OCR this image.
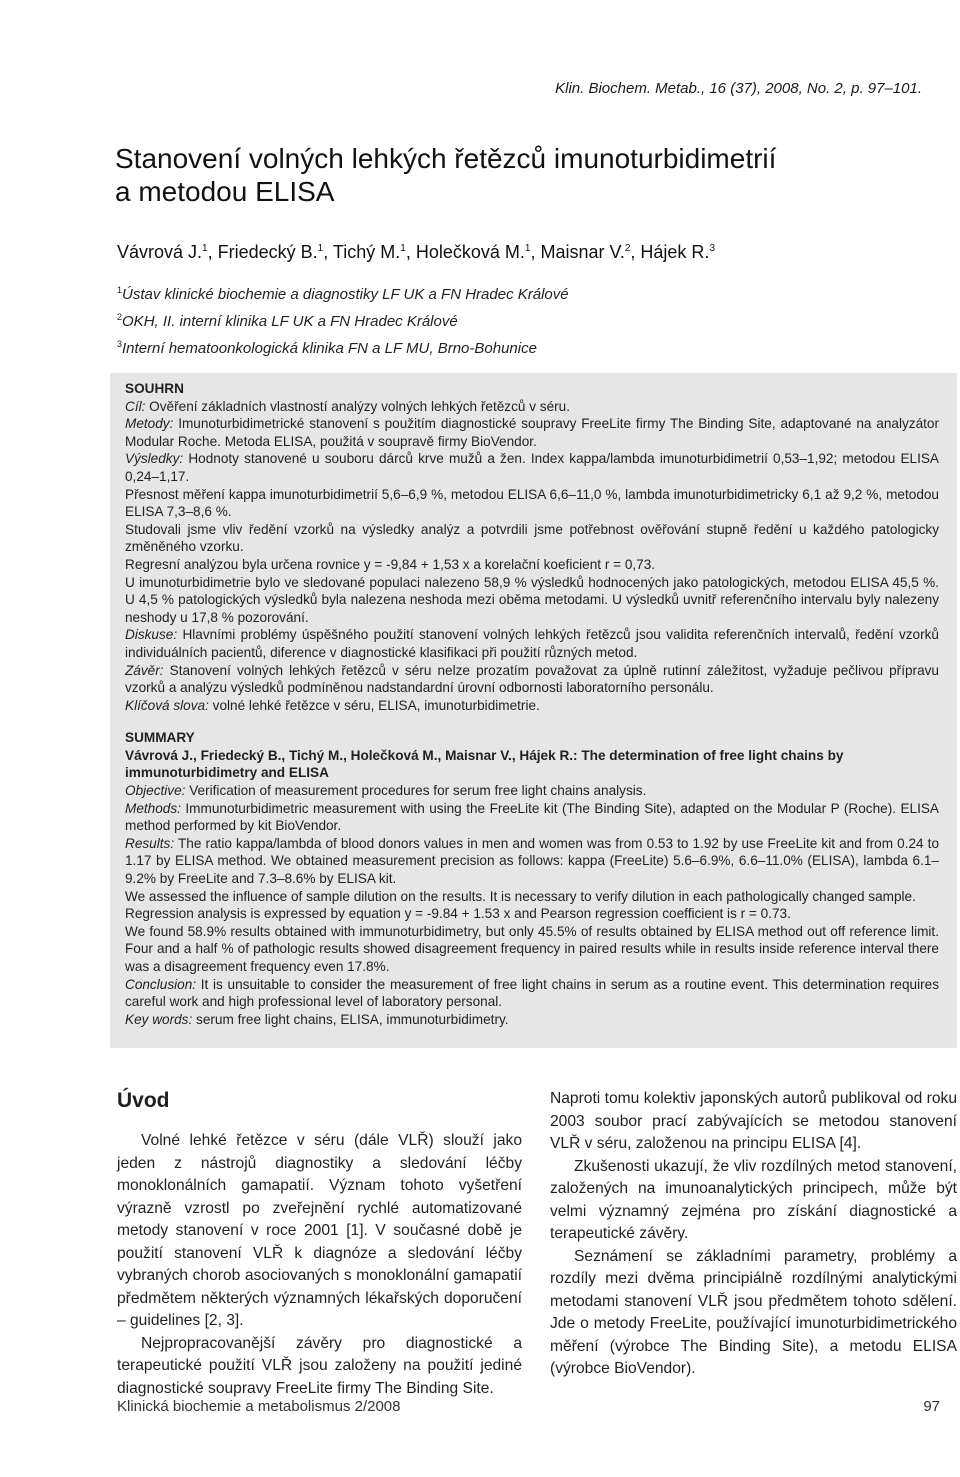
Klin. Biochem. Metab., 16 (37), 2008, No. 2, p. 97–101.
Stanovení volných lehkých řetězců imunoturbidimetrií
a metodou ELISA
Vávrová J.$^1$, Friedecký B.$^1$, Tichý M.$^1$, Holečková M.$^1$, Maisnar V.$^2$, Hájek R.$^3$
$^1$Ústav klinické biochemie a diagnostiky LF UK a FN Hradec Králové
$^2$OKH, II. interní klinika LF UK a FN Hradec Králové
$^3$Interní hematoonkologická klinika FN a LF MU, Brno-Bohunice

SOUHRN

Cíl: Ověření základních vlastností analýzy volných lehkých řetězců v séru.

Metody: Imunoturbidimetrické stanovení s použitím diagnostické soupravy FreeLite firmy The Binding Site, adaptované na analyzátor Modular Roche. Metoda ELISA, použitá v soupravě firmy BioVendor.

Výsledky: Hodnoty stanovené u souboru dárců krve mužů a žen. Index kappa/lambda imunoturbidimetrií 0,53–1,92; metodou ELISA 0,24–1,17.

Přesnost měření kappa imunoturbidimetrií 5,6–6,9 %, metodou ELISA 6,6–11,0 %, lambda imunoturbidimetricky 6,1 až 9,2 %, metodou ELISA 7,3–8,6 %.

Studovali jsme vliv ředění vzorků na výsledky analýz a potvrdili jsme potřebnost ověřování stupně ředění u každého patologicky změněného vzorku.

Regresní analýzou byla určena rovnice y = -9,84 + 1,53 x a korelační koeficient r = 0,73.

U imunoturbidimetrie bylo ve sledované populaci nalezeno 58,9 % výsledků hodnocených jako patologických, metodou ELISA 45,5 %. U 4,5 % patologických výsledků byla nalezena neshoda mezi oběma metodami. U výsledků uvnitř referenčního intervalu byly nalezeny neshody u 17,8 % pozorování.

Diskuse: Hlavními problémy úspěšného použití stanovení volných lehkých řetězců jsou validita referenčních intervalů, ředění vzorků individuálních pacientů, diference v diagnostické klasifikaci při použití různých metod.

Závěr: Stanovení volných lehkých řetězců v séru nelze prozatím považovat za úplně rutinní záležitost, vyžaduje pečlivou přípravu vzorků a analýzu výsledků podmíněnou nadstandardní úrovní odbornosti laboratorního personálu.

Klíčová slova: volné lehké řetězce v séru, ELISA, imunoturbidimetrie.

SUMMARY

Vávrová J., Friedecký B., Tichý M., Holečková M., Maisnar V., Hájek R.: The determination of free light chains by immunoturbidimetry and ELISA

Objective: Verification of measurement procedures for serum free light chains analysis.

Methods: Immunoturbidimetric measurement with using the FreeLite kit (The Binding Site), adapted on the Modular P (Roche). ELISA method performed by kit BioVendor.

Results: The ratio kappa/lambda of blood donors values in men and women was from 0.53 to 1.92 by use FreeLite kit and from 0.24 to 1.17 by ELISA method. We obtained measurement precision as follows: kappa (FreeLite) 5.6–6.9%, 6.6–11.0% (ELISA), lambda 6.1–9.2% by FreeLite and 7.3–8.6% by ELISA kit.

We assessed the influence of sample dilution on the results. It is necessary to verify dilution in each pathologically changed sample.

Regression analysis is expressed by equation y = -9.84 + 1.53 x and Pearson regression coefficient is r = 0.73.

We found 58.9% results obtained with immunoturbidimetry, but only 45.5% of results obtained by ELISA method out off reference limit. Four and a half % of pathologic results showed disagreement frequency in paired results while in results inside reference interval there was a disagreement frequency even 17.8%.

Conclusion: It is unsuitable to consider the measurement of free light chains in serum as a routine event. This determination requires careful work and high professional level of laboratory personal.

Key words: serum free light chains, ELISA, immunoturbidimetry.

Úvod

Volné lehké řetězce v séru (dále VLŘ) slouží jako jeden z nástrojů diagnostiky a sledování léčby monoklonálních gamapatií. Význam tohoto vyšetření výrazně vzrostl po zveřejnění rychlé automatizované metody stanovení v roce 2001 [1]. V současné době je použití stanovení VLŘ k diagnóze a sledování léčby vybraných chorob asociovaných s monoklonální gamapatií předmětem některých významných lékařských doporučení – guidelines [2, 3].

Nejpropracovanější závěry pro diagnostické a terapeutické použití VLŘ jsou založeny na použití jediné diagnostické soupravy FreeLite firmy The Binding Site.

Naproti tomu kolektiv japonských autorů publikoval od roku 2003 soubor prací zabývajících se metodou stanovení VLŘ v séru, založenou na principu ELISA [4].

Zkušenosti ukazují, že vliv rozdílných metod stanovení, založených na imunoanalytických principech, může být velmi významný zejména pro získání diagnostické a terapeutické závěry.

Seznámení se základními parametry, problémy a rozdíly mezi dvěma principiálně rozdílnými analytickými metodami stanovení VLŘ jsou předmětem tohoto sdělení. Jde o metody FreeLite, používající imunoturbidimetrického měření (výrobce The Binding Site), a metodu ELISA (výrobce BioVendor).

Klinická biochemie a metabolismus 2/2008	97
